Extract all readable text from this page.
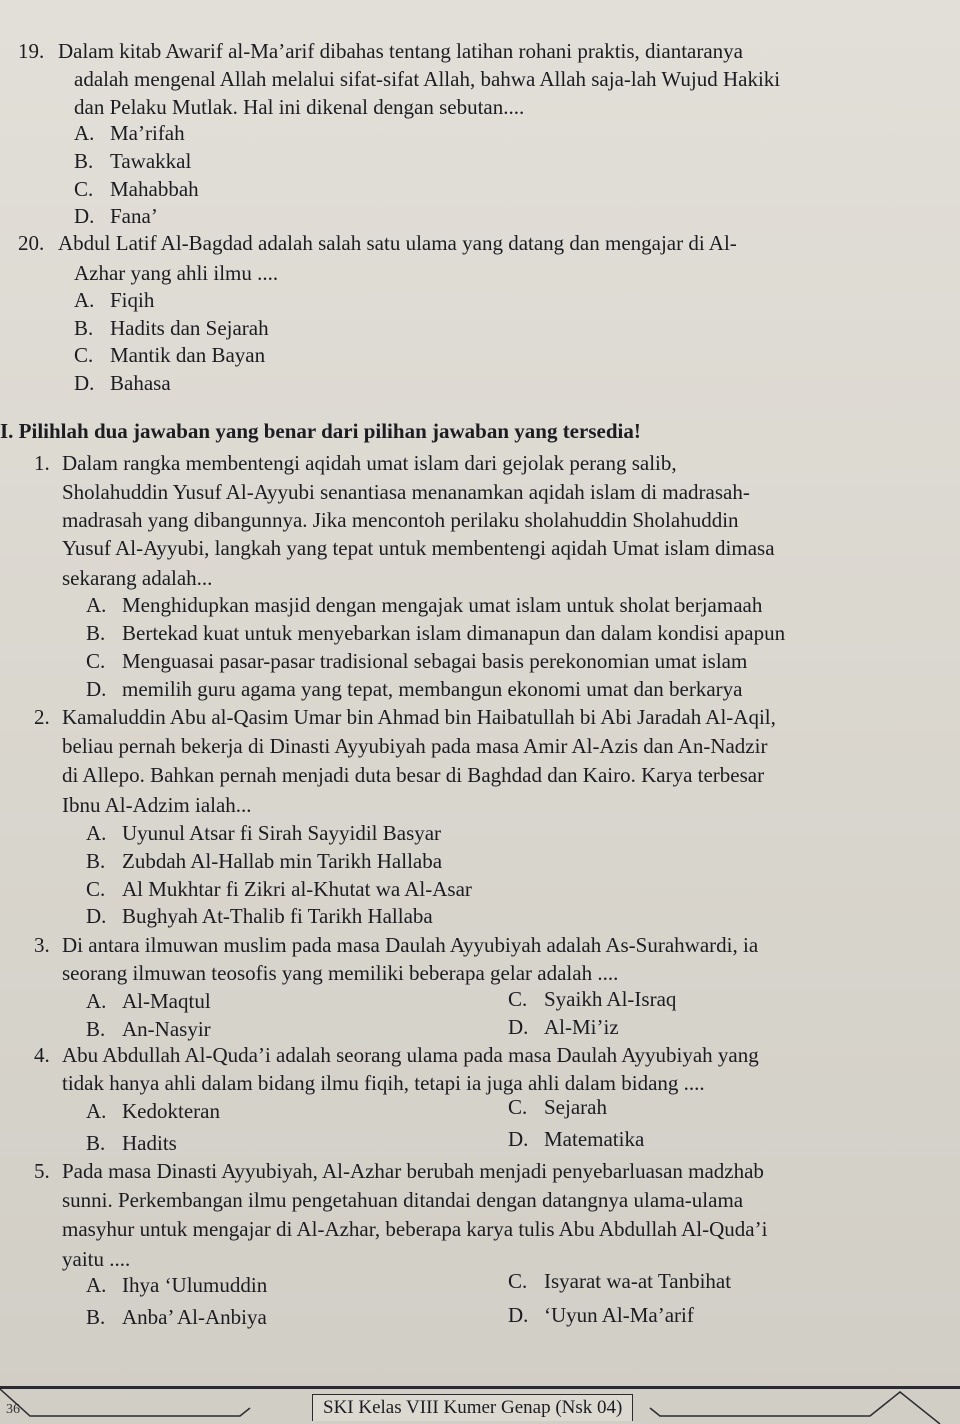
19. Dalam kitab Awarif al-Ma’arif dibahas tentang latihan rohani praktis, diantaranya
adalah mengenal Allah melalui sifat-sifat Allah, bahwa Allah saja-lah Wujud Hakiki
dan Pelaku Mutlak. Hal ini dikenal dengan sebutan....
A. Ma’rifah
B. Tawakkal
C. Mahabbah
D. Fana’
20. Abdul Latif Al-Bagdad adalah salah satu ulama yang datang dan mengajar di Al-
Azhar yang ahli ilmu ....
A. Fiqih
B. Hadits dan Sejarah
C. Mantik dan Bayan
D. Bahasa
I. Pilihlah dua jawaban yang benar dari pilihan jawaban yang tersedia!
1. Dalam rangka membentengi aqidah umat islam dari gejolak perang salib,
Sholahuddin Yusuf Al-Ayyubi senantiasa menanamkan aqidah islam di madrasah-
madrasah yang dibangunnya. Jika mencontoh perilaku sholahuddin Sholahuddin
Yusuf Al-Ayyubi, langkah yang tepat untuk membentengi aqidah Umat islam dimasa
sekarang adalah...
A. Menghidupkan masjid dengan mengajak umat islam untuk sholat berjamaah
B. Bertekad kuat untuk menyebarkan islam dimanapun dan dalam kondisi apapun
C. Menguasai pasar-pasar tradisional sebagai basis perekonomian umat islam
D. memilih guru agama yang tepat, membangun ekonomi umat dan berkarya
2. Kamaluddin Abu al-Qasim Umar bin Ahmad bin Haibatullah bi Abi Jaradah Al-Aqil,
beliau pernah bekerja di Dinasti Ayyubiyah pada masa Amir Al-Azis dan An-Nadzir
di Allepo. Bahkan pernah menjadi duta besar di Baghdad dan Kairo. Karya terbesar
Ibnu Al-Adzim ialah...
A. Uyunul Atsar fi Sirah Sayyidil Basyar
B. Zubdah Al-Hallab min Tarikh Hallaba
C. Al Mukhtar fi Zikri al-Khutat wa Al-Asar
D. Bughyah At-Thalib fi Tarikh Hallaba
3. Di antara ilmuwan muslim pada masa Daulah Ayyubiyah adalah As-Surahwardi, ia
seorang ilmuwan teosofis yang memiliki beberapa gelar adalah ....
A. Al-Maqtul	C. Syaikh Al-Israq
B. An-Nasyir	D. Al-Mi’iz
4. Abu Abdullah Al-Quda’i adalah seorang ulama pada masa Daulah Ayyubiyah yang
tidak hanya ahli dalam bidang ilmu fiqih, tetapi ia juga ahli dalam bidang ....
A. Kedokteran	C. Sejarah
B. Hadits	D. Matematika
5. Pada masa Dinasti Ayyubiyah, Al-Azhar berubah menjadi penyebarluasan madzhab
sunni. Perkembangan ilmu pengetahuan ditandai dengan datangnya ulama-ulama
masyhur untuk mengajar di Al-Azhar, beberapa karya tulis Abu Abdullah Al-Quda’i
yaitu ....
A. Ihya ‘Ulumuddin	C. Isyarat wa-at Tanbihat
B. Anba’ Al-Anbiya	D. ‘Uyun Al-Ma’arif
36	SKI Kelas VIII Kumer Genap (Nsk 04)
